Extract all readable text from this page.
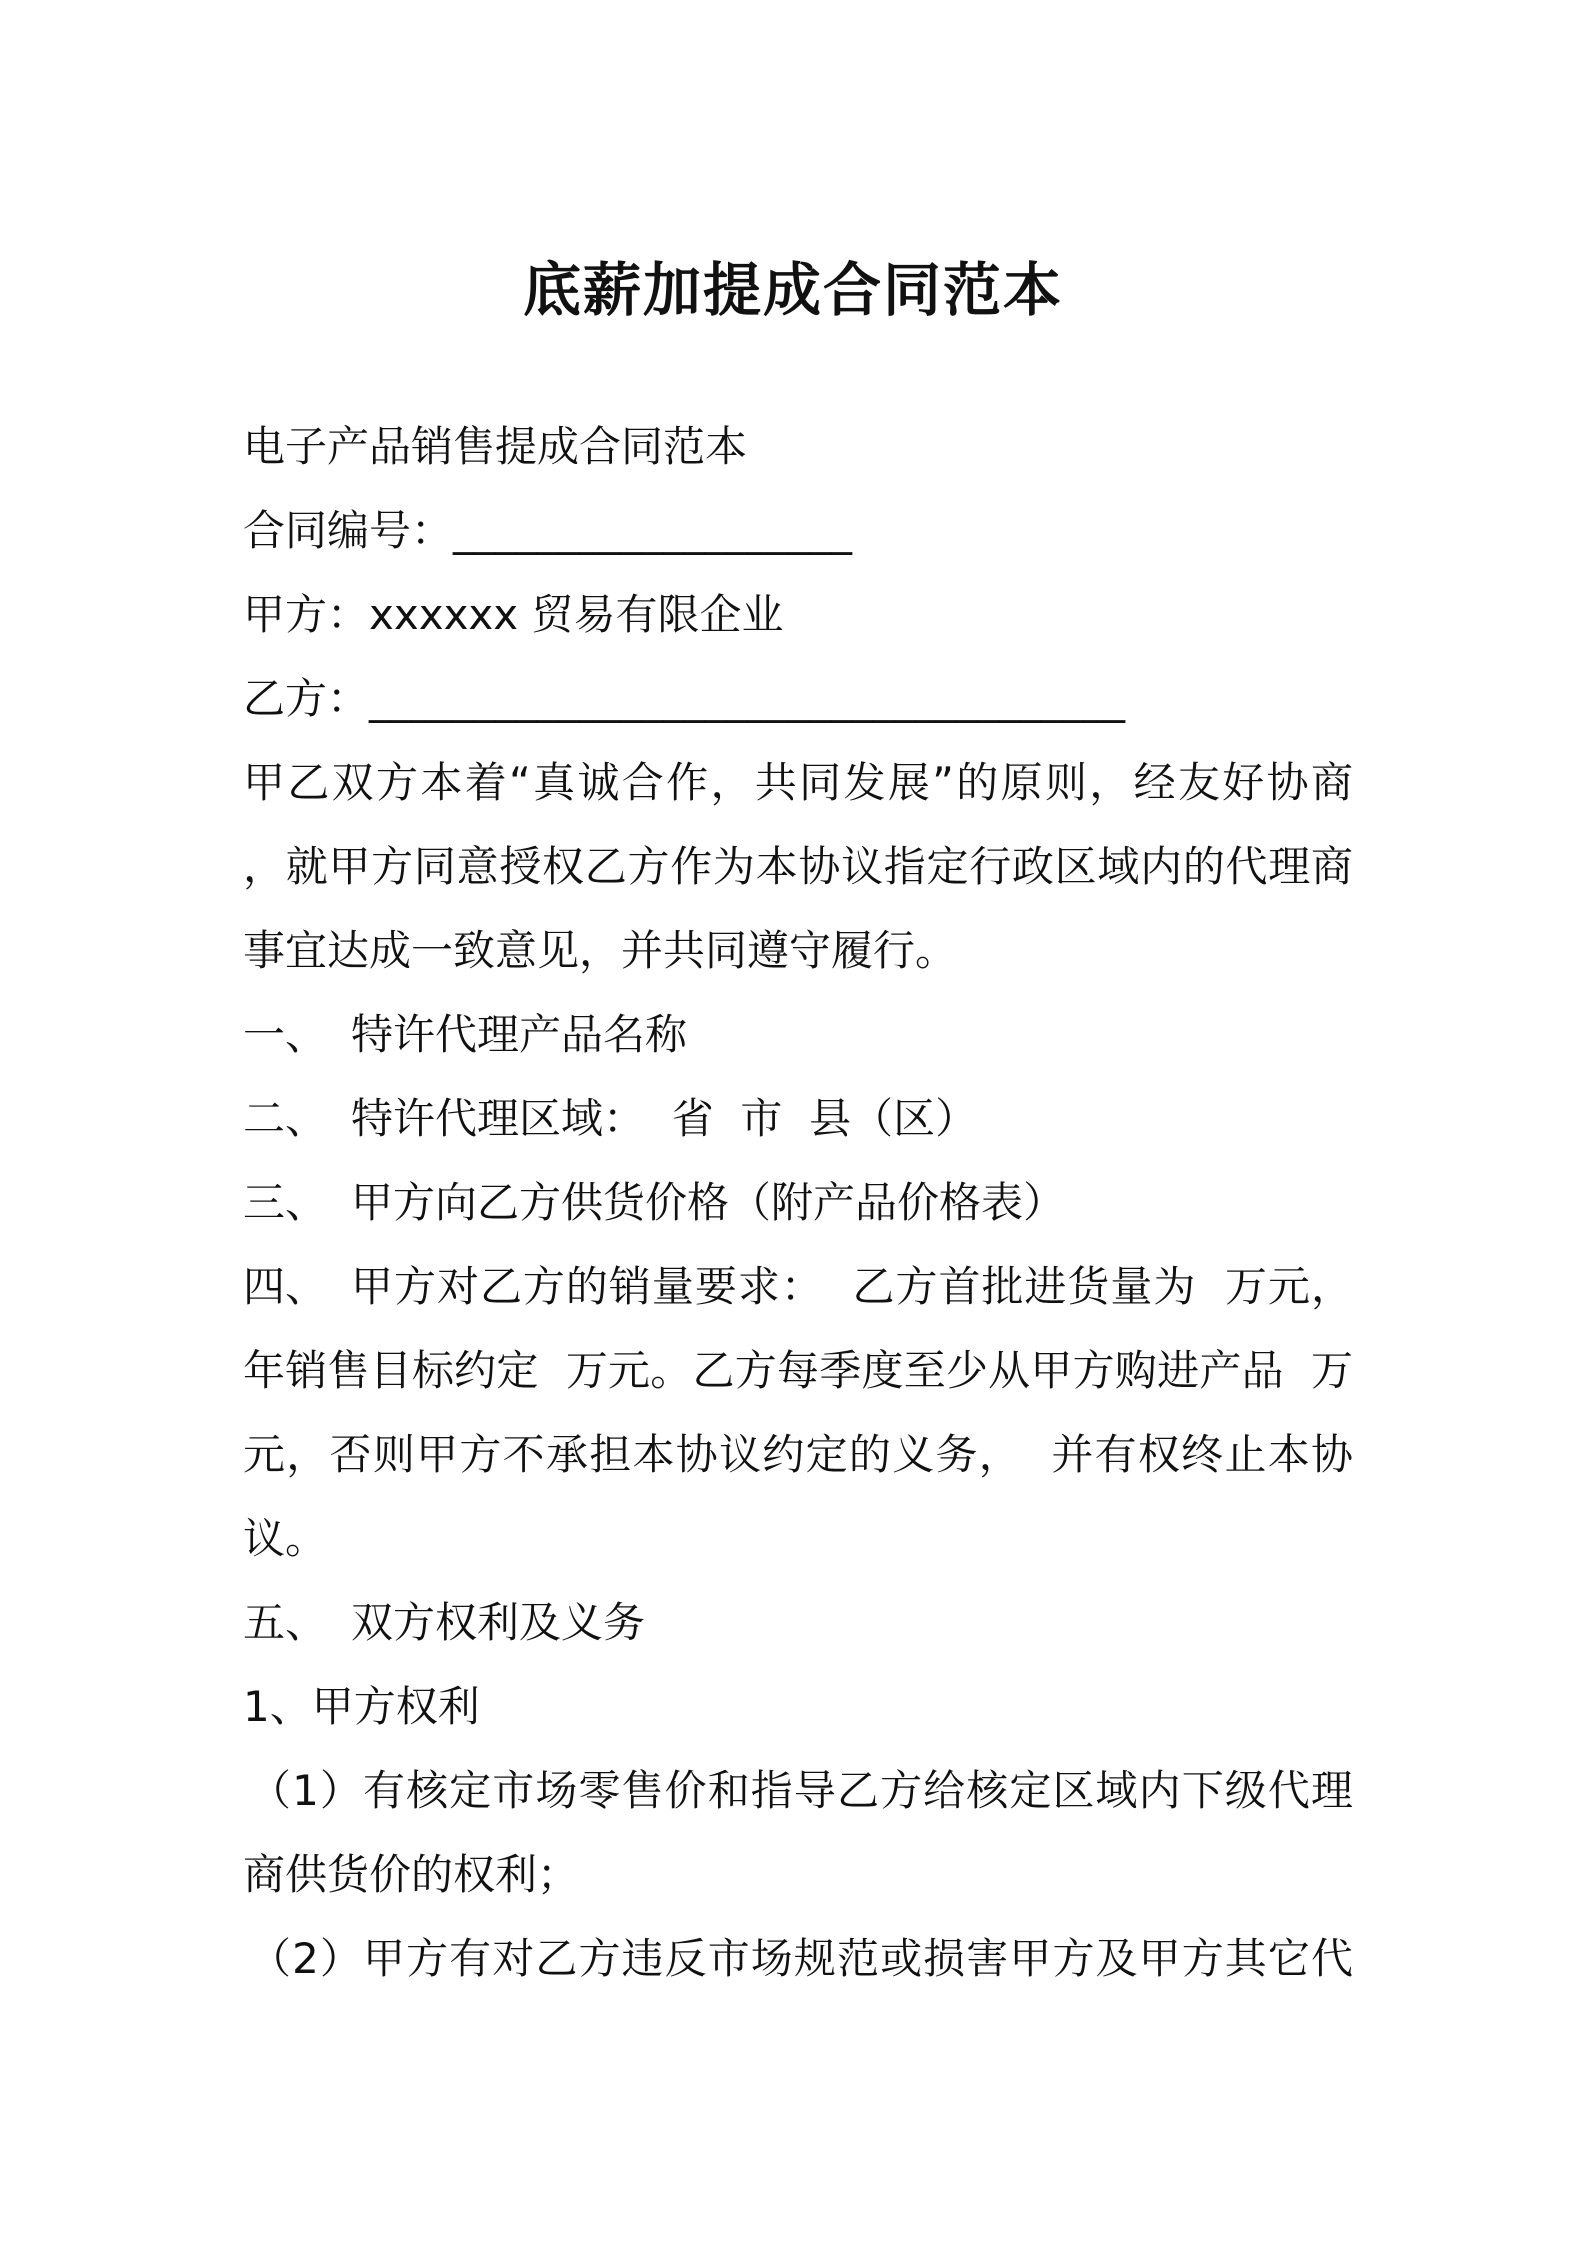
底薪加提成合同范本
电子产品销售提成合同范本
合同编号：___________________
甲方：xxxxxx 贸易有限企业
乙方：____________________________________
甲乙双方本着“真诚合作，共同发展”的原则，经友好协商
，就甲方同意授权乙方作为本协议指定行政区域内的代理商
事宜达成一致意见，并共同遵守履行。
一、 特许代理产品名称
二、 特许代理区域：  省  市  县（区）
三、 甲方向乙方供货价格（附产品价格表）
四、 甲方对乙方的销量要求：  乙方首批进货量为  万元，
年销售目标约定  万元。乙方每季度至少从甲方购进产品  万
元，否则甲方不承担本协议约定的义务，  并有权终止本协
议。
五、 双方权利及义务
1、甲方权利
（1）有核定市场零售价和指导乙方给核定区域内下级代理
商供货价的权利；
（2）甲方有对乙方违反市场规范或损害甲方及甲方其它代
